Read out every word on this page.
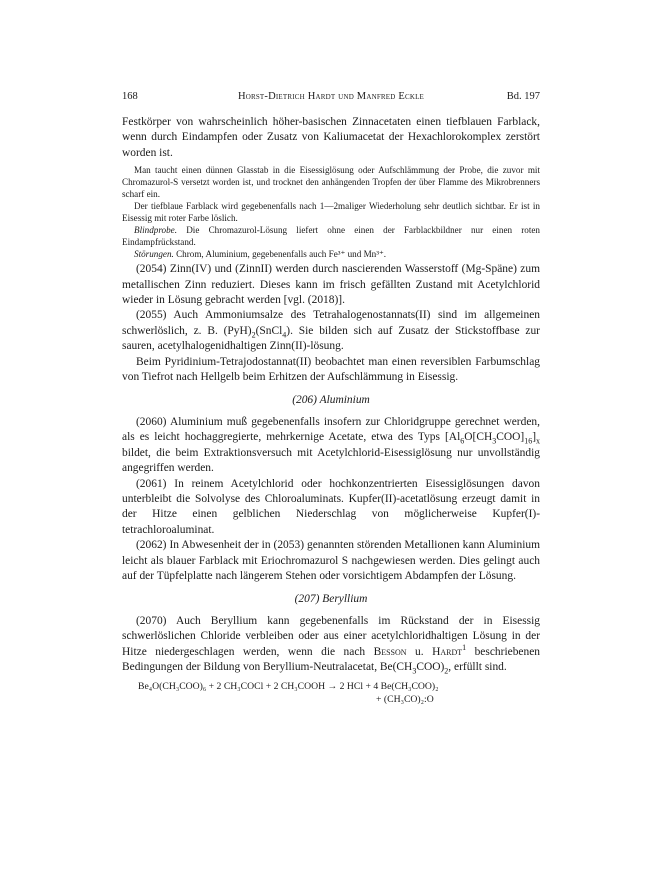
168	Horst-Dietrich Hardt und Manfred Eckle	Bd. 197

Festkörper von wahrscheinlich höher-basischen Zinnacetaten einen tiefblauen Farblack, wenn durch Eindampfen oder Zusatz von Kaliumacetat der Hexachlorokomplex zerstört worden ist.

Man taucht einen dünnen Glasstab in die Eisessiglösung oder Aufschlämmung der Probe, die zuvor mit Chromazurol-S versetzt worden ist, und trocknet den anhängenden Tropfen der über Flamme des Mikrobrenners scharf ein.

Der tiefblaue Farblack wird gegebenenfalls nach 1—2maliger Wiederholung sehr deutlich sichtbar. Er ist in Eisessig mit roter Farbe löslich.

Blindprobe. Die Chromazurol-Lösung liefert ohne einen der Farblackbildner nur einen roten Eindampfrückstand.

Störungen. Chrom, Aluminium, gegebenenfalls auch Fe³⁺ und Mn³⁺.

(2054) Zinn(IV) und (ZinnII) werden durch nascierenden Wasserstoff (Mg-Späne) zum metallischen Zinn reduziert. Dieses kann im frisch gefällten Zustand mit Acetylchlorid wieder in Lösung gebracht werden [vgl. (2018)].

(2055) Auch Ammoniumsalze des Tetrahalogenostannats(II) sind im allgemeinen schwerlöslich, z. B. $(PyH)_2(SnCl_4)$. Sie bilden sich auf Zusatz der Stickstoffbase zur sauren, acetylhalogenidhaltigen Zinn(II)-lösung.

Beim Pyridinium-Tetrajodostannat(II) beobachtet man einen reversiblen Farbumschlag von Tiefrot nach Hellgelb beim Erhitzen der Aufschlämmung in Eisessig.

(206) Aluminium

(2060) Aluminium muß gegebenenfalls insofern zur Chloridgruppe gerechnet werden, als es leicht hochaggregierte, mehrkernige Acetate, etwa des Typs $[Al_6O[CH_3COO]_{16}]_x$ bildet, die beim Extraktionsversuch mit Acetylchlorid-Eisessiglösung nur unvollständig angegriffen werden.

(2061) In reinem Acetylchlorid oder hochkonzentrierten Eisessiglösungen davon unterbleibt die Solvolyse des Chloroaluminats. Kupfer(II)-acetatlösung erzeugt damit in der Hitze einen gelblichen Niederschlag von möglicherweise Kupfer(I)-tetrachloroaluminat.

(2062) In Abwesenheit der in (2053) genannten störenden Metallionen kann Aluminium leicht als blauer Farblack mit Eriochromazurol S nachgewiesen werden. Dies gelingt auch auf der Tüpfelplatte nach längerem Stehen oder vorsichtigem Abdampfen der Lösung.

(207) Beryllium

(2070) Auch Beryllium kann gegebenenfalls im Rückstand der in Eisessig schwerlöslichen Chloride verbleiben oder aus einer acetylchloridhaltigen Lösung in der Hitze niedergeschlagen werden, wenn die nach Besson u. Hardt$^1$ beschriebenen Bedingungen der Bildung von Beryllium-Neutralacetat, $Be(CH_3COO)_2$, erfüllt sind.

Be₄O(CH₃COO)₆ + 2 CH₃COCl + 2 CH₃COOH → 2 HCl + 4 Be(CH₃COO)₂
+ (CH₃CO)₂:O
